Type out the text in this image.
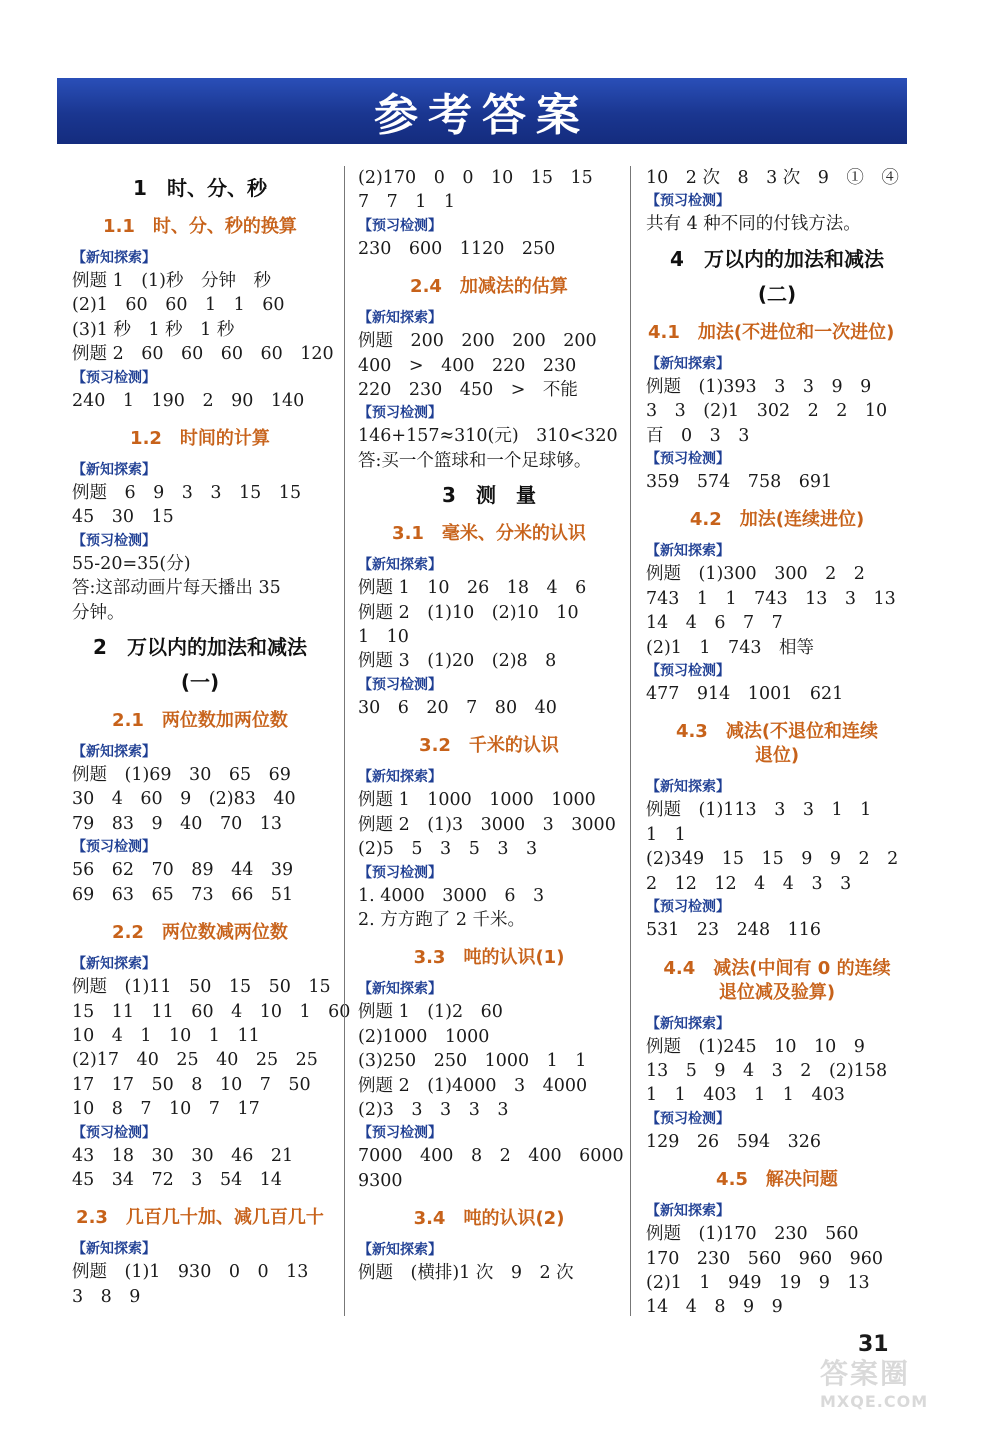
参考答案
1　时、分、秒
1.1　时、分、秒的换算
【新知探索】
例题 1　(1)秒　分钟　秒
(2)1　60　60　1　1　60
(3)1 秒　1 秒　1 秒
例题 2　60　60　60　60　120
【预习检测】
240　1　190　2　90　140
1.2　时间的计算
【新知探索】
例题　6　9　3　3　15　15
45　30　15
【预习检测】
55-20=35(分)
答:这部动画片每天播出 35
分钟。
2　万以内的加法和减法
(一)
2.1　两位数加两位数
【新知探索】
例题　(1)69　30　65　69
30　4　60　9　(2)83　40
79　83　9　40　70　13
【预习检测】
56　62　70　89　44　39
69　63　65　73　66　51
2.2　两位数减两位数
【新知探索】
例题　(1)11　50　15　50　15
15　11　11　60　4　10　1　60
10　4　1　10　1　11
(2)17　40　25　40　25　25
17　17　50　8　10　7　50
10　8　7　10　7　17
【预习检测】
43　18　30　30　46　21
45　34　72　3　54　14
2.3　几百几十加、减几百几十
【新知探索】
例题　(1)1　930　0　0　13
3　8　9
(2)170　0　0　10　15　15
7　7　1　1
【预习检测】
230　600　1120　250
2.4　加减法的估算
【新知探索】
例题　200　200　200　200
400　>　400　220　230
220　230　450　>　不能
【预习检测】
146+157≈310(元)　310<320
答:买一个篮球和一个足球够。
3　测　量
3.1　毫米、分米的认识
【新知探索】
例题 1　10　26　18　4　6
例题 2　(1)10　(2)10　10
1　10
例题 3　(1)20　(2)8　8
【预习检测】
30　6　20　7　80　40
3.2　千米的认识
【新知探索】
例题 1　1000　1000　1000
例题 2　(1)3　3000　3　3000
(2)5　5　3　5　3　3
【预习检测】
1. 4000　3000　6　3
2. 方方跑了 2 千米。
3.3　吨的认识(1)
【新知探索】
例题 1　(1)2　60
(2)1000　1000
(3)250　250　1000　1　1
例题 2　(1)4000　3　4000
(2)3　3　3　3　3
【预习检测】
7000　400　8　2　400　6000
9300
3.4　吨的认识(2)
【新知探索】
例题　(横排)1 次　9　2 次
10　2 次　8　3 次　9　①　④
【预习检测】
共有 4 种不同的付钱方法。
4　万以内的加法和减法
(二)
4.1　加法(不进位和一次进位)
【新知探索】
例题　(1)393　3　3　9　9
3　3　(2)1　302　2　2　10
百　0　3　3
【预习检测】
359　574　758　691
4.2　加法(连续进位)
【新知探索】
例题　(1)300　300　2　2
743　1　1　743　13　3　13
14　4　6　7　7
(2)1　1　743　相等
【预习检测】
477　914　1001　621
4.3　减法(不退位和连续
退位)
【新知探索】
例题　(1)113　3　3　1　1
1　1
(2)349　15　15　9　9　2　2
2　12　12　4　4　3　3
【预习检测】
531　23　248　116
4.4　减法(中间有 0 的连续
退位减及验算)
【新知探索】
例题　(1)245　10　10　9
13　5　9　4　3　2　(2)158
1　1　403　1　1　403
【预习检测】
129　26　594　326
4.5　解决问题
【新知探索】
例题　(1)170　230　560
170　230　560　960　960
(2)1　1　949　19　9　13
14　4　8　9　9
31
答案圈
MXQE.COM
